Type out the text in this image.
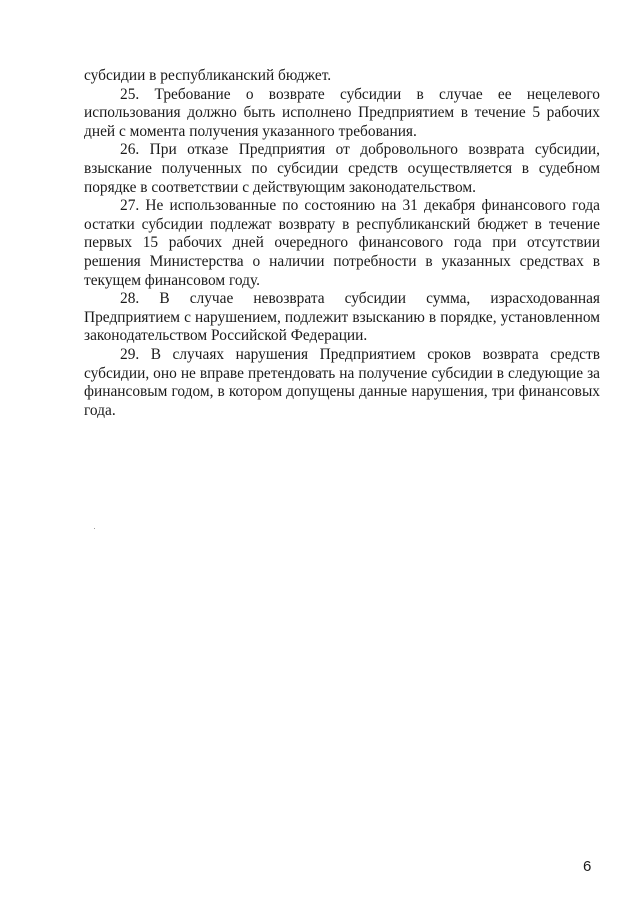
субсидии в республиканский бюджет.

25. Требование о возврате субсидии в случае ее нецелевого использования должно быть исполнено Предприятием в течение 5 рабочих дней с момента получения указанного требования.

26. При отказе Предприятия от добровольного возврата субсидии, взыскание полученных по субсидии средств осуществляется в судебном порядке в соответствии с действующим законодательством.

27. Не использованные по состоянию на 31 декабря финансового года остатки субсидии подлежат возврату в республиканский бюджет в течение первых 15 рабочих дней очередного финансового года при отсутствии решения Министерства о наличии потребности в указанных средствах в текущем финансовом году.

28. В случае невозврата субсидии сумма, израсходованная Предприятием с нарушением, подлежит взысканию в порядке, установленном законодательством Российской Федерации.

29. В случаях нарушения Предприятием сроков возврата средств субсидии, оно не вправе претендовать на получение субсидии в следующие за финансовым годом, в котором допущены данные нарушения, три финансовых года.

6
